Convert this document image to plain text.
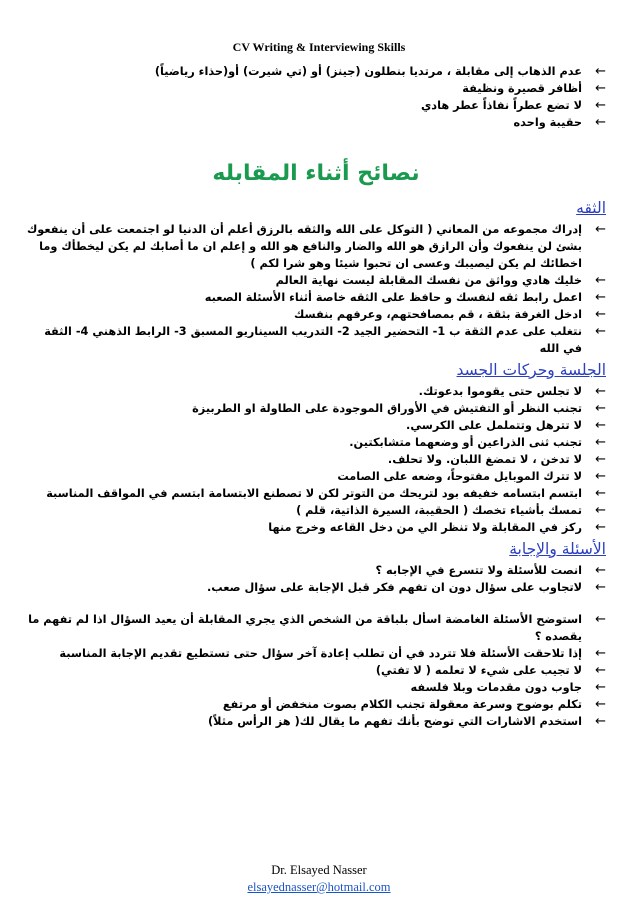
CV Writing & Interviewing Skills
←
عدم الذهاب إلى مقابلة ، مرتديا بنطلون (جينز) أو (تي شيرت) أو(حذاء رياضياً)
←
أظافر قصيرة ونظيفة
←
لا تضع عطراً نفاذاً عطر هادي
←
حقيبة واحده
نصائح أثناء المقابله
الثقه
←
إدراك مجموعه من المعاني ( التوكل على الله والثقه بالرزق أعلم أن الدنيا لو اجتمعت على أن ينفعوك بشئ لن ينفعوك وأن الرازق هو الله والضار والنافع هو الله و إعلم ان ما أصابك لم يكن ليخطأك وما اخطائك لم يكن ليصيبك وعسى ان تحبوا شيئا وهو شرا لكم )
←
خليك هادي وواثق من نفسك المقابلة ليست نهاية العالم
←
اعمل رابط ثقه لنفسك و حافظ على الثقه خاصة أثناء الأسئلة الصعبه
←
ادخل الغرفة بثقة ، قم بمصافحتهم، وعرفهم بنفسك
←
نتغلب على عدم الثقة ب 1- التحضير الجيد 2- التدريب السيناريو المسبق 3- الرابط الذهني 4- الثقة في الله
الجلسة وحركات الجسد
←
لا تجلس حتى يقوموا بدعوتك.
←
تجنب النظر أو التفتيش في الأوراق الموجودة على الطاولة او الطربيزة
←
لا تترهل وتتململ على الكرسي.
←
تجنب ثنى الذراعين أو وضعهما متشابكتين.
←
لا تدخن ، لا تمضغ اللبان. ولا تحلف.
←
لا تترك الموبايل مفتوحاً، وضعه على الصامت
←
ابتسم ابتسامه خفيفه بود لتريحك من التوتر لكن لا تصطنع الابتسامة ابتسم في المواقف المناسبة
←
تمسك بأشياء تخصك ( الحقيبة، السيرة الذاتية، قلم )
←
ركز في المقابلة ولا تنظر الي من دخل القاعه وخرج منها
الأسئلة والإجابة
←
انصت للأسئلة ولا تتسرع في الإجابه ؟
←
لاتجاوب على سؤال دون ان تفهم فكر قبل الإجابة على سؤال صعب.
←
استوضح الأسئلة الغامضة اسأل بلباقة من الشخص الذي يجري المقابلة أن يعيد السؤال اذا لم تفهم ما يقصده ؟
←
إذا تلاحقت الأسئلة فلا تتردد في أن تطلب إعادة آخر سؤال حتى تستطيع تقديم الإجابة المناسبة
←
لا تجيب على شيء لا تعلمه ( لا تفتي)
←
جاوب دون مقدمات وبلا فلسفه
←
تكلم بوضوح وسرعة معقولة تجنب الكلام بصوت منخفض أو مرتفع
←
استخدم الاشارات التي توضح بأنك تفهم ما يقال لك( هز الرأس مثلاً)
Dr. Elsayed Nasser
elsayednasser@hotmail.com
